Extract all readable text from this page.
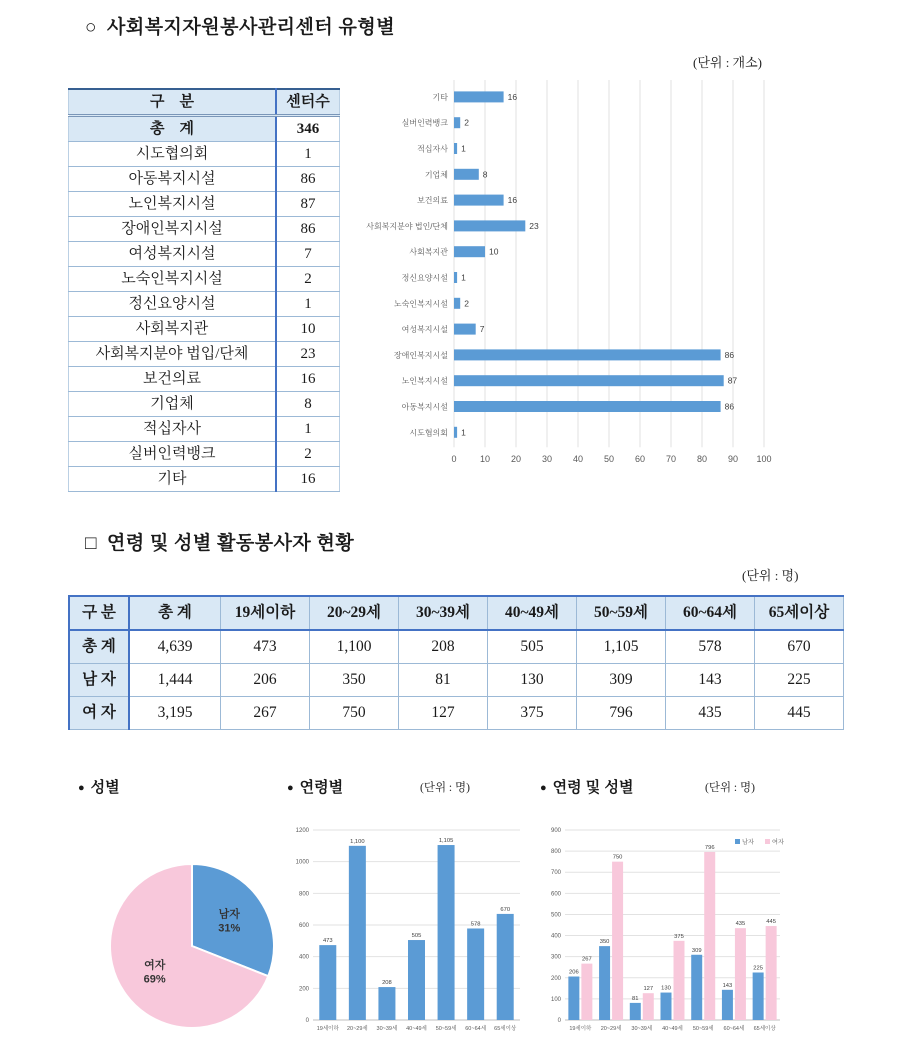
○ 사회복지자원봉사관리센터 유형별
(단위 : 개소)
구    분	센터수
총    계	346
시도협의회	1
아동복지시설	86
노인복지시설	87
장애인복지시설	86
여성복지시설	7
노숙인복지시설	2
정신요양시설	1
사회복지관	10
사회복지분야 법입/단체	23
보건의료	16
기업체	8
적십자사	1
실버인력뱅크	2
기타	16
0	10 20 30 40 50 60 70 80 90 100
기타	16
실버인력뱅크 2
적십자사 1
기업체	8
보건의료	16
사회복지분야 법인/단체	23
사회복지관	10
정신요양시설 1
노숙인복지시설 2
여성복지시설	7
장애인복지시설	86
노인복지시설	87
아동복지시설	86
시도협의회 1
□ 연령 및 성별 활동봉사자 현황
(단위 : 명)
구 분	총 계	19세이하	20~29세	30~39세	40~49세	50~59세	60~64세	65세이상
총 계	4,639	473	1,100	208	505	1,105	578	670
남 자	1,444	206	350	81	130	309	143	225
여 자	3,195	267	750	127	375	796	435	445
● 성별	● 연령별	(단위 : 명)	● 연령 및 성별	(단위 : 명)
남자
31%
여자
69%
0
200
400
600
800
1000
1200
473
19세이하
1,100
20~29세
208
30~39세
505
40~49세
1,105
50~59세
578
60~64세
670
65세이상
0
100
200
300
400
500
600
700
800
900
206
267
19세이하
350
750
20~29세
81
127
30~39세
130
375
40~49세
309
796
50~59세
143
435
60~64세
225
445
65세이상
남자	여자
